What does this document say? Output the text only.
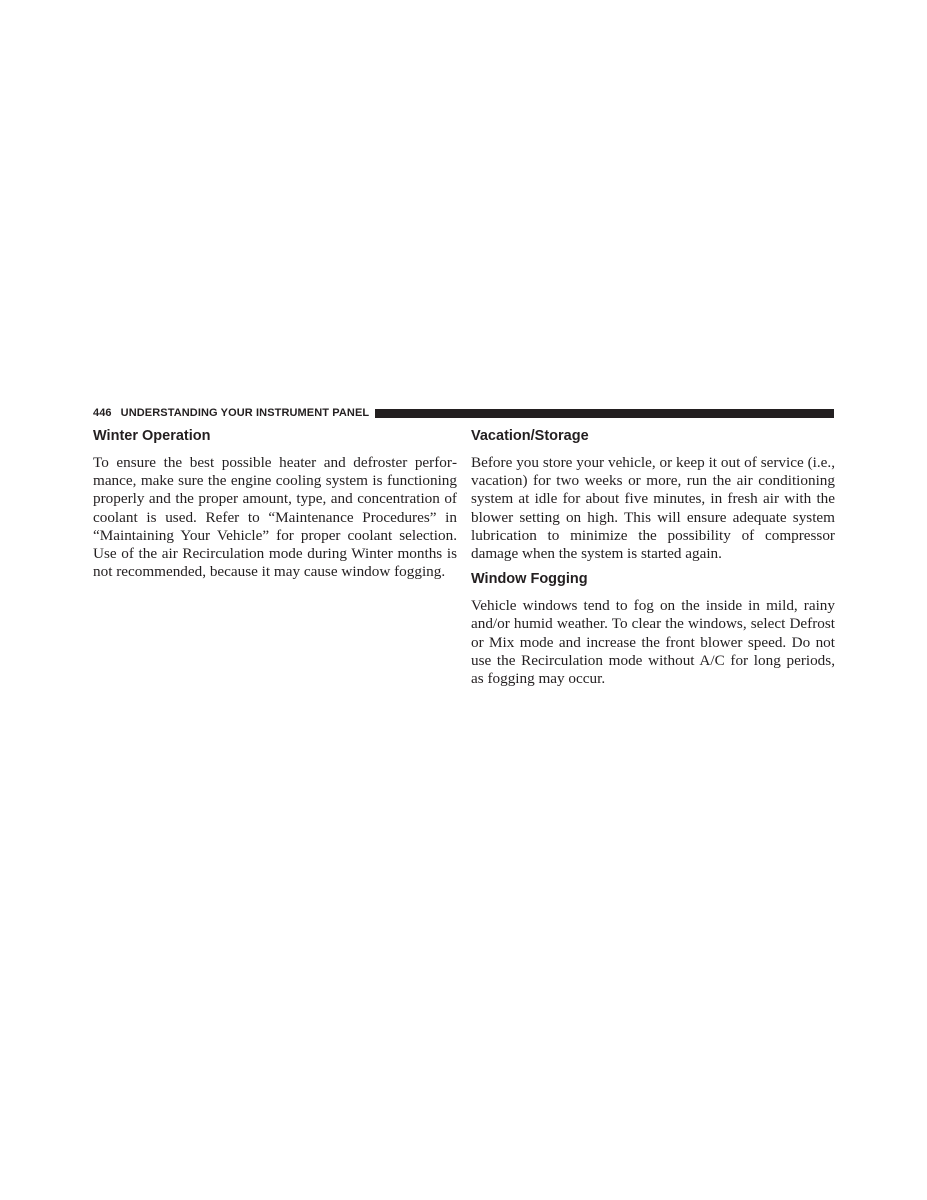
446 UNDERSTANDING YOUR INSTRUMENT PANEL
Winter Operation

To ensure the best possible heater and defroster performance, make sure the engine cooling system is functioning properly and the proper amount, type, and concentration of coolant is used. Refer to “Maintenance Procedures” in “Maintaining Your Vehicle” for proper coolant selection. Use of the air Recirculation mode during Winter months is not recommended, because it may cause window fogging.

Vacation/Storage

Before you store your vehicle, or keep it out of service (i.e., vacation) for two weeks or more, run the air conditioning system at idle for about five minutes, in fresh air with the blower setting on high. This will ensure adequate system lubrication to minimize the possibility of compressor damage when the system is started again.

Window Fogging

Vehicle windows tend to fog on the inside in mild, rainy and/or humid weather. To clear the windows, select Defrost or Mix mode and increase the front blower speed. Do not use the Recirculation mode without A/C for long periods, as fogging may occur.
